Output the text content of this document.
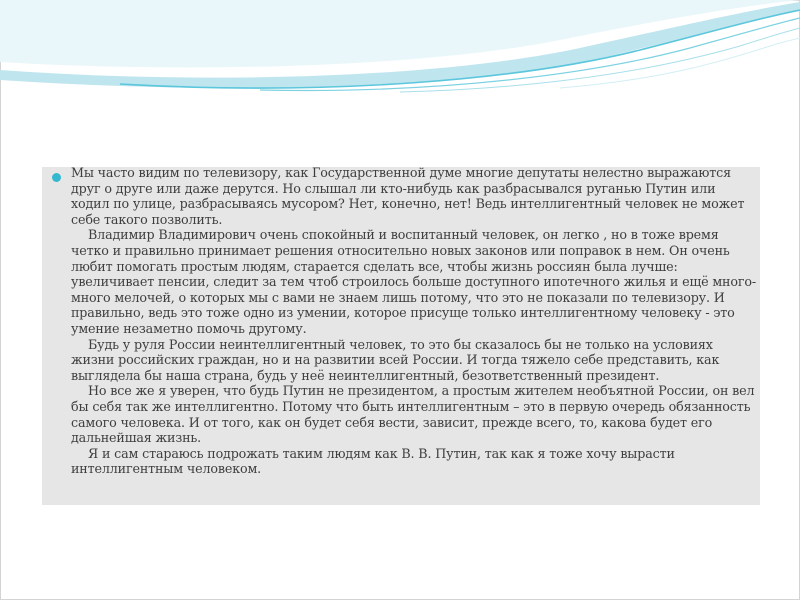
Мы часто видим по телевизору, как Государственной думе многие депутаты нелестно выражаются друг о друге или даже дерутся. Но слышал ли кто-нибудь как разбрасывался руганью Путин или ходил по улице, разбрасываясь мусором? Нет, конечно, нет! Ведь интеллигентный человек не может себе такого позволить.

Владимир Владимирович очень спокойный и воспитанный человек, он легко , но в тоже время четко и правильно принимает решения относительно новых законов или поправок в нем. Он очень любит помогать простым людям, старается сделать все, чтобы жизнь россиян была лучше: увеличивает пенсии, следит за тем чтоб строилось больше доступного ипотечного жилья и ещё много- много мелочей, о которых мы с вами не знаем лишь потому, что это не показали по телевизору. И правильно, ведь это тоже одно из умении, которое присуще только интеллигентному человеку - это умение незаметно помочь другому.

Будь у руля России неинтеллигентный человек, то это бы сказалось бы не только на условиях жизни российских граждан, но и на развитии всей России. И тогда тяжело себе представить, как выглядела бы наша страна, будь у неё неинтеллигентный, безответственный президент.

Но все же я уверен, что будь Путин не президентом, а простым жителем необъятной России, он вел бы себя так же интеллигентно. Потому что быть интеллигентным – это в первую очередь обязанность самого человека. И от того, как он будет себя вести, зависит, прежде всего, то, какова будет его дальнейшая жизнь.

Я и сам стараюсь подрожать таким людям как В. В. Путин, так как я тоже хочу вырасти интеллигентным человеком.
